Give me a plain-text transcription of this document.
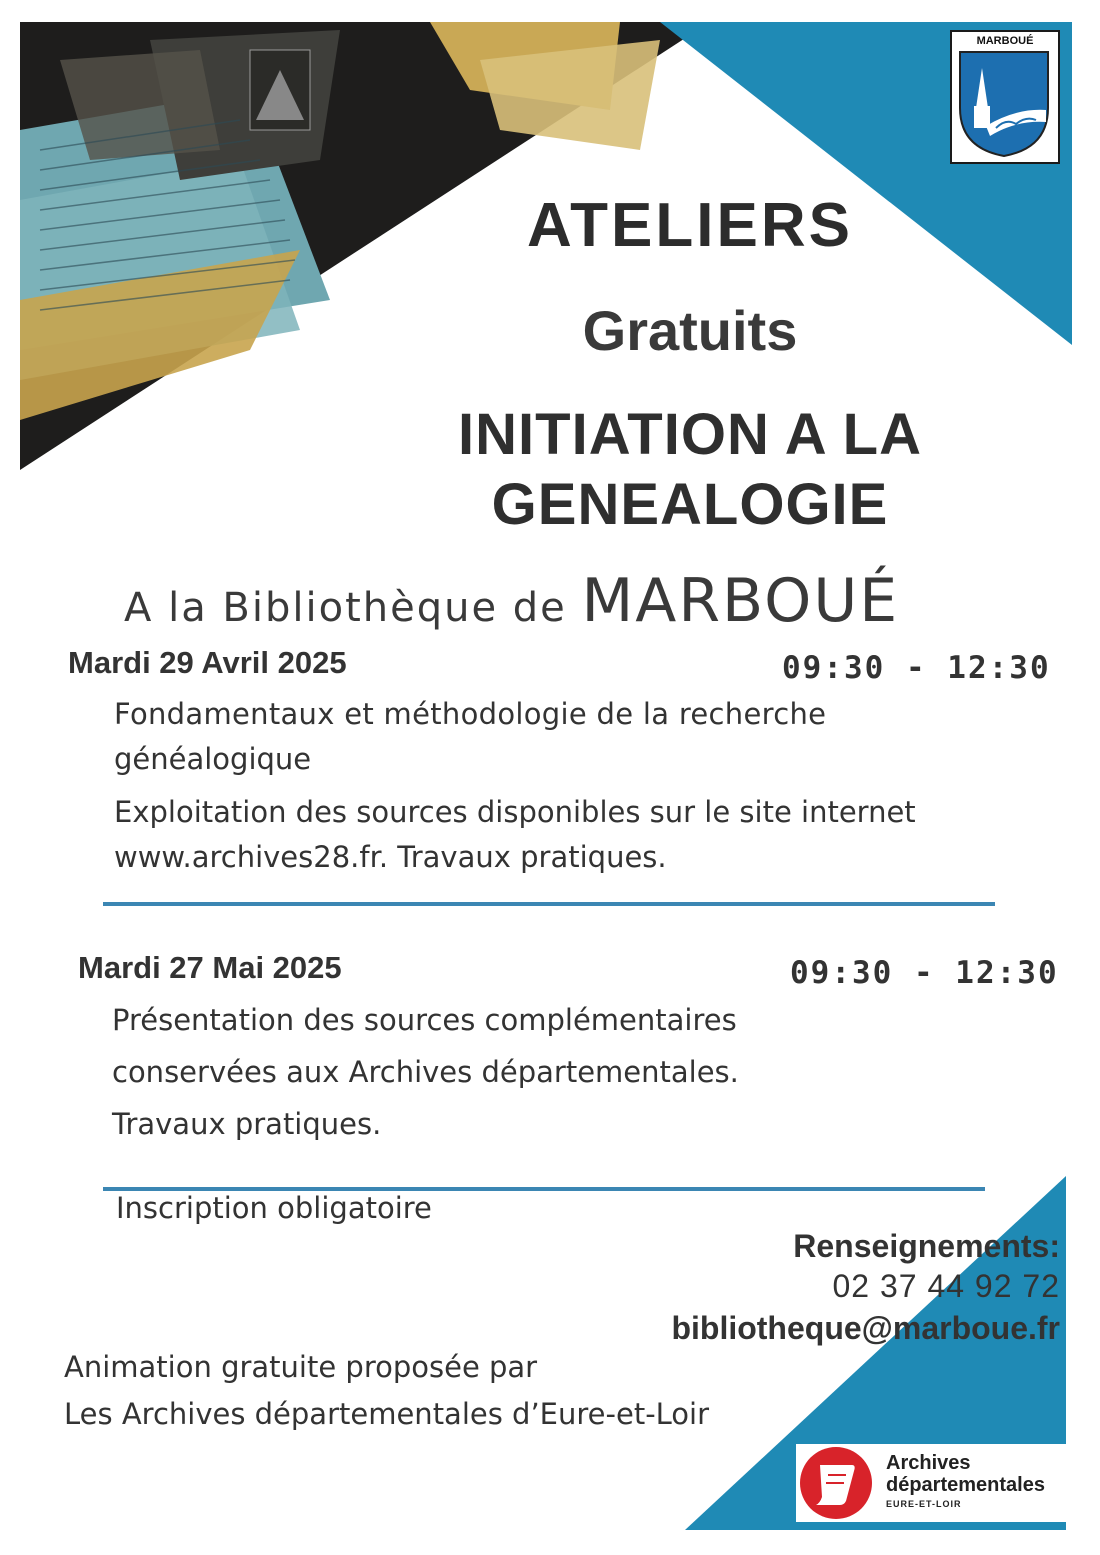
MARBOUÉ
ATELIERS
Gratuits
INITIATION A LA
GENEALOGIE
A la Bibliothèque de MARBOUÉ
Mardi 29 Avril 2025	09:30 - 12:30
Fondamentaux et méthodologie de la recherche
généalogique
Exploitation des sources disponibles sur le site internet
www.archives28.fr. Travaux pratiques.
Mardi 27 Mai 2025	09:30 - 12:30
Présentation des sources complémentaires
conservées aux Archives départementales.
Travaux pratiques.
Inscription obligatoire
Renseignements:
02 37 44 92 72
bibliotheque@marboue.fr
Animation gratuite proposée par
Les Archives départementales d’Eure-et-Loir
Archives
départementales
EURE-ET-LOIR
